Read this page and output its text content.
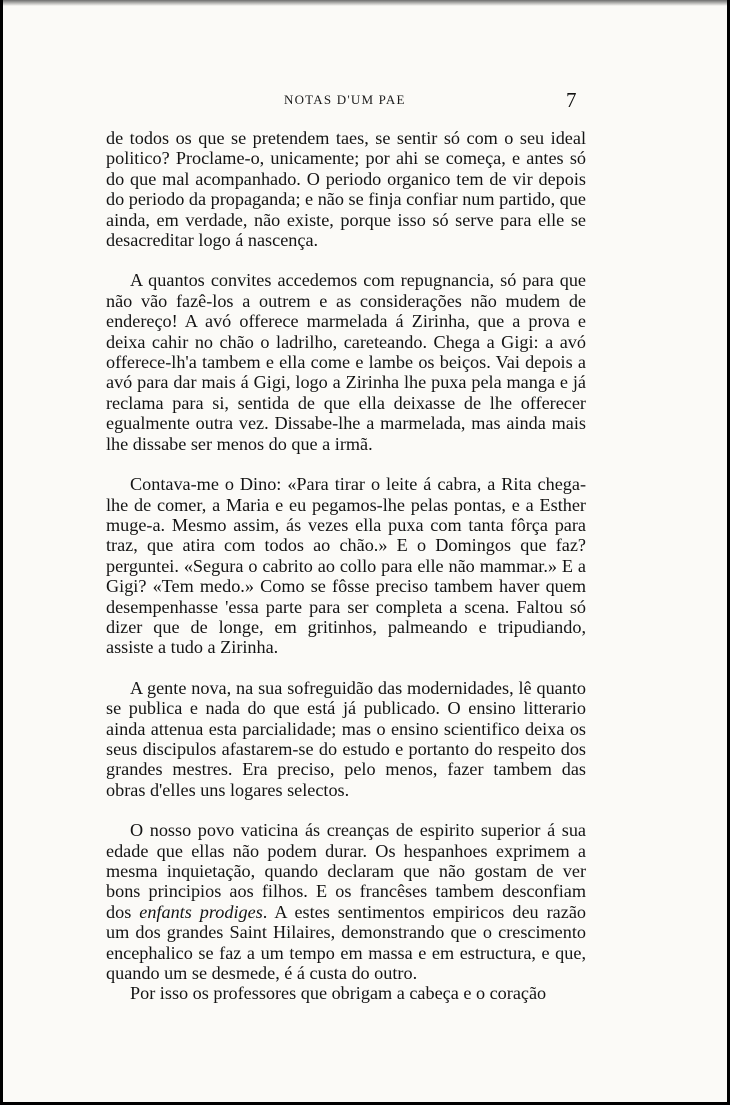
NOTAS D'UM PAE	7

de todos os que se pretendem taes, se sentir só com o seu ideal politico? Proclame-o, unicamente; por ahi se começa, e antes só do que mal acompanhado. O periodo organico tem de vir depois do periodo da propaganda; e não se finja confiar num partido, que ainda, em verdade, não existe, porque isso só serve para elle se desacreditar logo á nascença.

A quantos convites accedemos com repugnancia, só para que não vão fazê-los a outrem e as considerações não mudem de endereço! A avó offerece marmelada á Zirinha, que a prova e deixa cahir no chão o ladrilho, careteando. Chega a Gigi: a avó offerece-lh'a tambem e ella come e lambe os beiços. Vai depois a avó para dar mais á Gigi, logo a Zirinha lhe puxa pela manga e já reclama para si, sentida de que ella deixasse de lhe offerecer egualmente outra vez. Dissabe-lhe a marmelada, mas ainda mais lhe dissabe ser menos do que a irmã.

Contava-me o Dino: «Para tirar o leite á cabra, a Rita chega-lhe de comer, a Maria e eu pegamos-lhe pelas pontas, e a Esther muge-a. Mesmo assim, ás vezes ella puxa com tanta fôrça para traz, que atira com todos ao chão.» E o Domingos que faz? perguntei. «Segura o cabrito ao collo para elle não mammar.» E a Gigi? «Tem medo.» Como se fôsse preciso tambem haver quem desempenhasse 'essa parte para ser completa a scena. Faltou só dizer que de longe, em gritinhos, palmeando e tripudiando, assiste a tudo a Zirinha.

A gente nova, na sua sofreguidão das modernidades, lê quanto se publica e nada do que está já publicado. O ensino litterario ainda attenua esta parcialidade; mas o ensino scientifico deixa os seus discipulos afastarem-se do estudo e portanto do respeito dos grandes mestres. Era preciso, pelo menos, fazer tambem das obras d'elles uns logares selectos.

O nosso povo vaticina ás creanças de espirito superior á sua edade que ellas não podem durar. Os hespanhoes exprimem a mesma inquietação, quando declaram que não gostam de ver bons principios aos filhos. E os francêses tambem desconfiam dos enfants prodiges. A estes sentimentos empiricos deu razão um dos grandes Saint Hilaires, demonstrando que o crescimento encephalico se faz a um tempo em massa e em estructura, e que, quando um se desmede, é á custa do outro.

Por isso os professores que obrigam a cabeça e o coração
